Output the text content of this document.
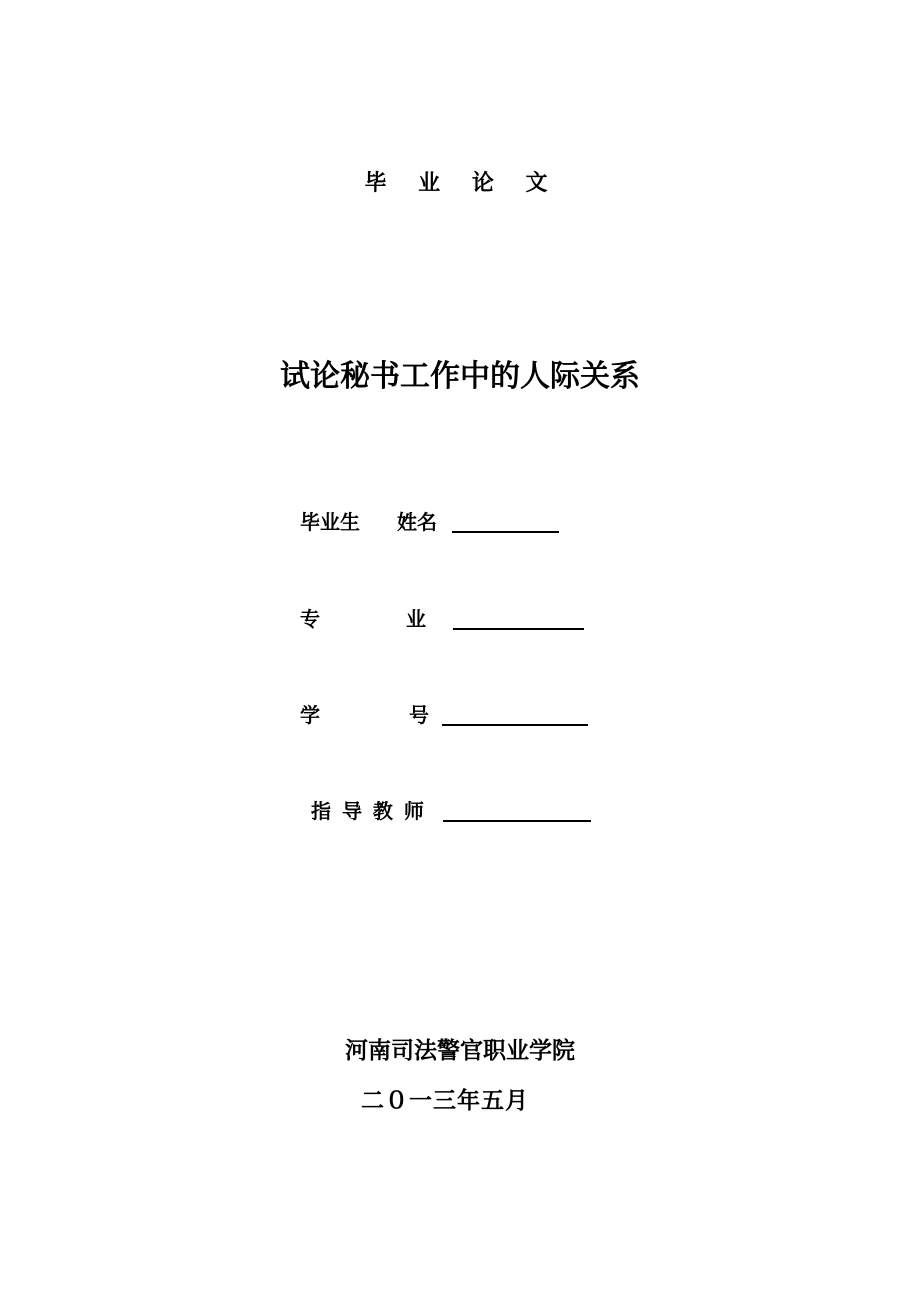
毕 业 论 文
试论秘书工作中的人际关系
毕业生 姓名
专	业
学	号
指 导 教 师
河南司法警官职业学院
二０一三年五月
